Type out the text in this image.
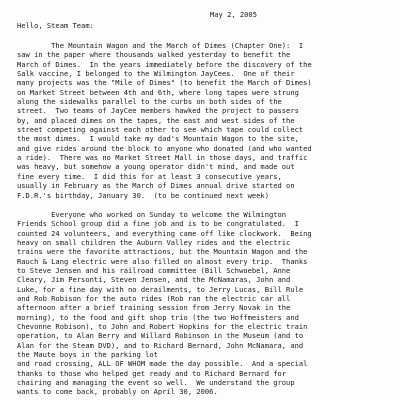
May 2, 2005
Hello, Steam Team:
The Mountain Wagon and the March of Dimes (Chapter One):  I
saw in the paper where thousands walked yesterday to benefit the
March of Dimes.  In the years immediately before the discovery of the
Salk vaccine, I belonged to the Wilmington JayCees.  One of their
many projects was the "Mile of Dimes" (to benefit the March of Dimes)
on Market Street between 4th and 6th, where long tapes were strung
along the sidewalks parallel to the curbs on both sides of the
street.  Two teams of JayCee members hawked the project to passers
by, and placed dimes on the tapes, the east and west sides of the
street competing against each other to see which tape could collect
the most dimes.  I would take my dad's Mountain Wagon to the site,
and give rides around the block to anyone who donated (and who wanted
a ride).  There was no Market Street Mall in those days, and traffic
was heavy, but somehow a young operator didn't mind, and made out
fine every time.  I did this for at least 3 consecutive years,
usually in February as the March of Dimes annual drive started on
F.D.R.'s birthday, January 30.  (to be continued next week)
Everyone who worked on Sunday to welcome the Wilmington
Friends School group did a fine job and is to be congratulated.  I
counted 24 volunteers, and everything came off like clockwork.  Being
heavy on small children the Auburn Valley rides and the electric
trains were the favorite attractions, but the Mountain Wagon and the
Rauch & Lang electric were also filled on almost every trip.  Thanks
to Steve Jensen and his railroad committee (Bill Schwoebel, Anne
Cleary, Jim Personti, Steven Jensen, and the McNamaras, John and
Luke, for a fine day with no derailments, to Jerry Lucas, Bill Rule
and Rob Robison for the auto rides (Rob ran the electric car all
afternoon after a brief training session from Jerry Novak in the
morning), to the food and gift shop trio (the two Hoffmeisters and
Chevonne Robison), to John and Robert Hopkins for the electric train
operation, to Alan Berry and Willard Robinson in the Museum (and to
Alan for the Steam DVD), and to Richard Bernard, John McNamara, and
the Maute boys in the parking lot
and road crossing, ALL OF WHOM made the day possible.  And a special
thanks to those who helped get ready and to Richard Bernard for
chairing and managing the event so well.  We understand the group
wants to come back, probably on April 30, 2006.
